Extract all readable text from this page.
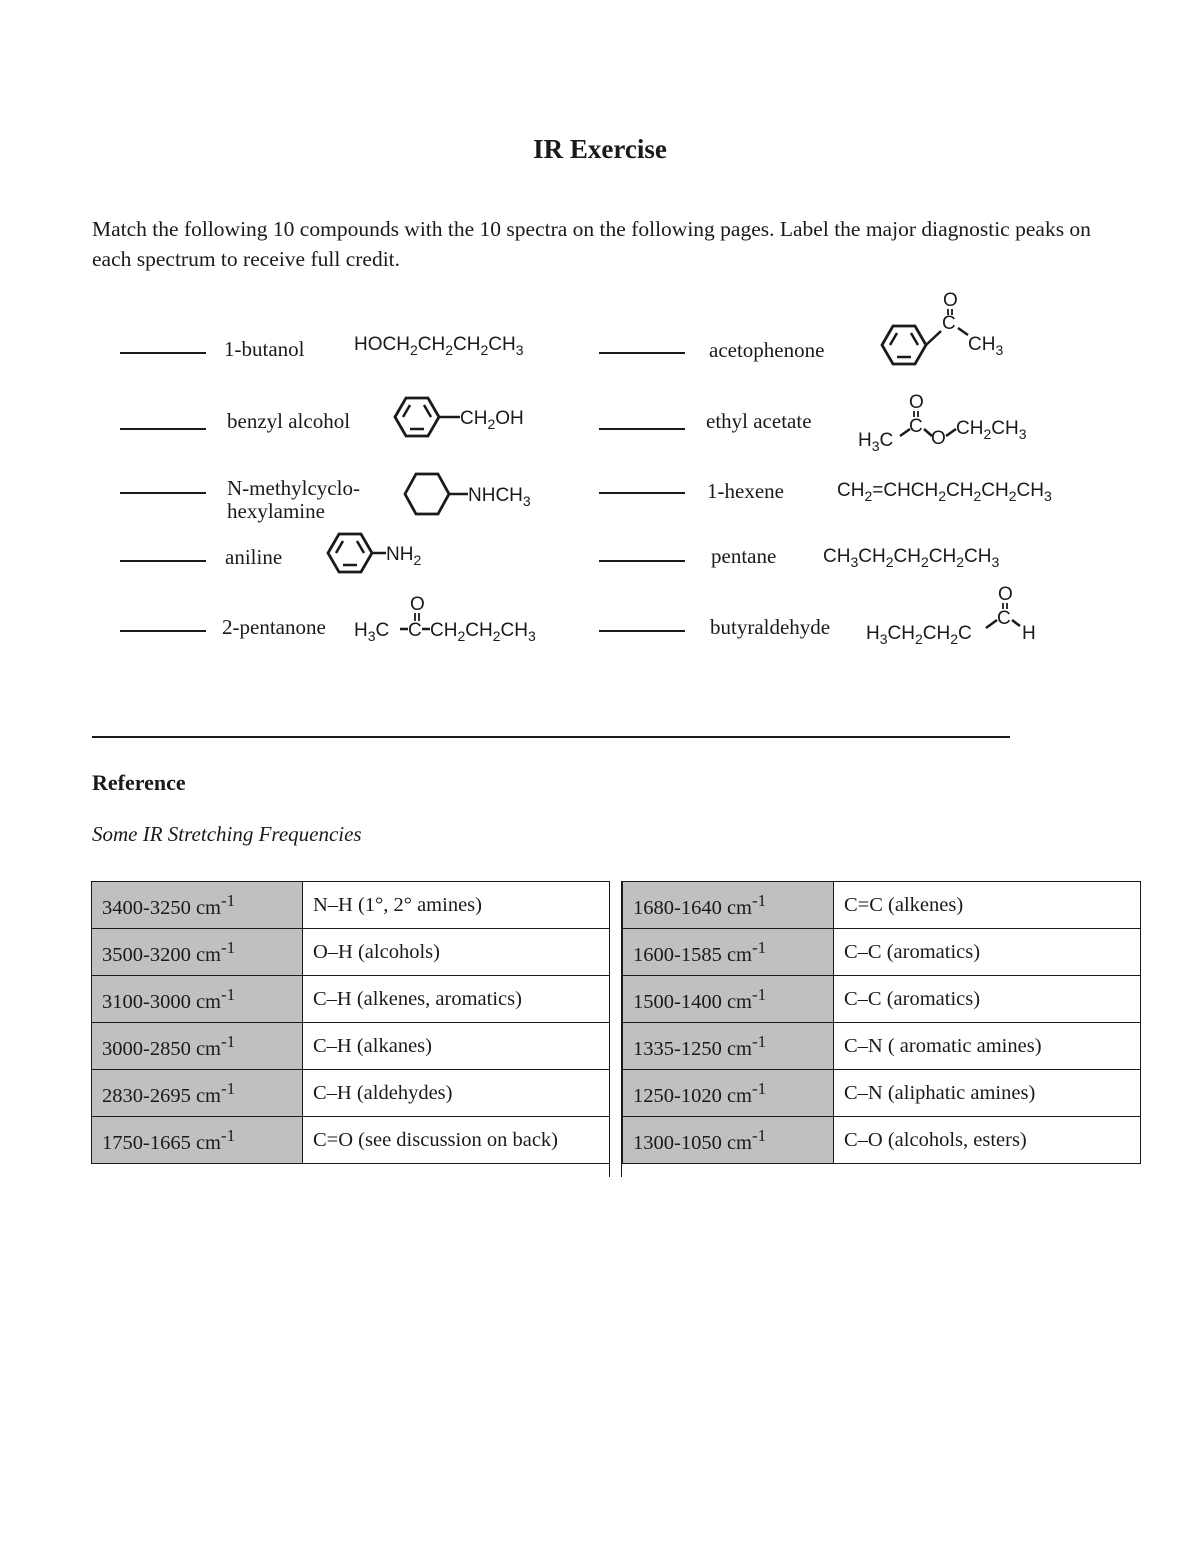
IR Exercise
Match the following 10 compounds with the 10 spectra on the following pages. Label the major diagnostic peaks on each spectrum to receive full credit.
1-butanol	$HOCH_2CH_2CH_2CH_3$
benzyl alcohol	$CH_2OH$
N-methylcyclo-
hexylamine
$NHCH_3$
aniline	$NH_2$
2-pentanone $H_3C$ C
O
$CH_2CH_2CH_3$
acetophenone
C
O
$CH_3$
ethyl acetate
$H_3C$
C
O
O $CH_2CH_3$
1-hexene	$CH_2=CHCH_2CH_2CH_2CH_3$
pentane $CH_3CH_2CH_2CH_2CH_3$
butyraldehyde $H_3CH_2CH_2C$
C
O
H
Reference
Some IR Stretching Frequencies
3400-3250 $cm^{-1}$	N–H (1°, 2° amines)
3500-3200 $cm^{-1}$	O–H (alcohols)
3100-3000 $cm^{-1}$	C–H (alkenes, aromatics)
3000-2850 $cm^{-1}$	C–H (alkanes)
2830-2695 $cm^{-1}$	C–H (aldehydes)
1750-1665 $cm^{-1}$	C=O (see discussion on back)
1680-1640 $cm^{-1}$	C=C (alkenes)
1600-1585 $cm^{-1}$	C–C (aromatics)
1500-1400 $cm^{-1}$	C–C (aromatics)
1335-1250 $cm^{-1}$	C–N ( aromatic amines)
1250-1020 $cm^{-1}$	C–N (aliphatic amines)
1300-1050 $cm^{-1}$	C–O (alcohols, esters)
